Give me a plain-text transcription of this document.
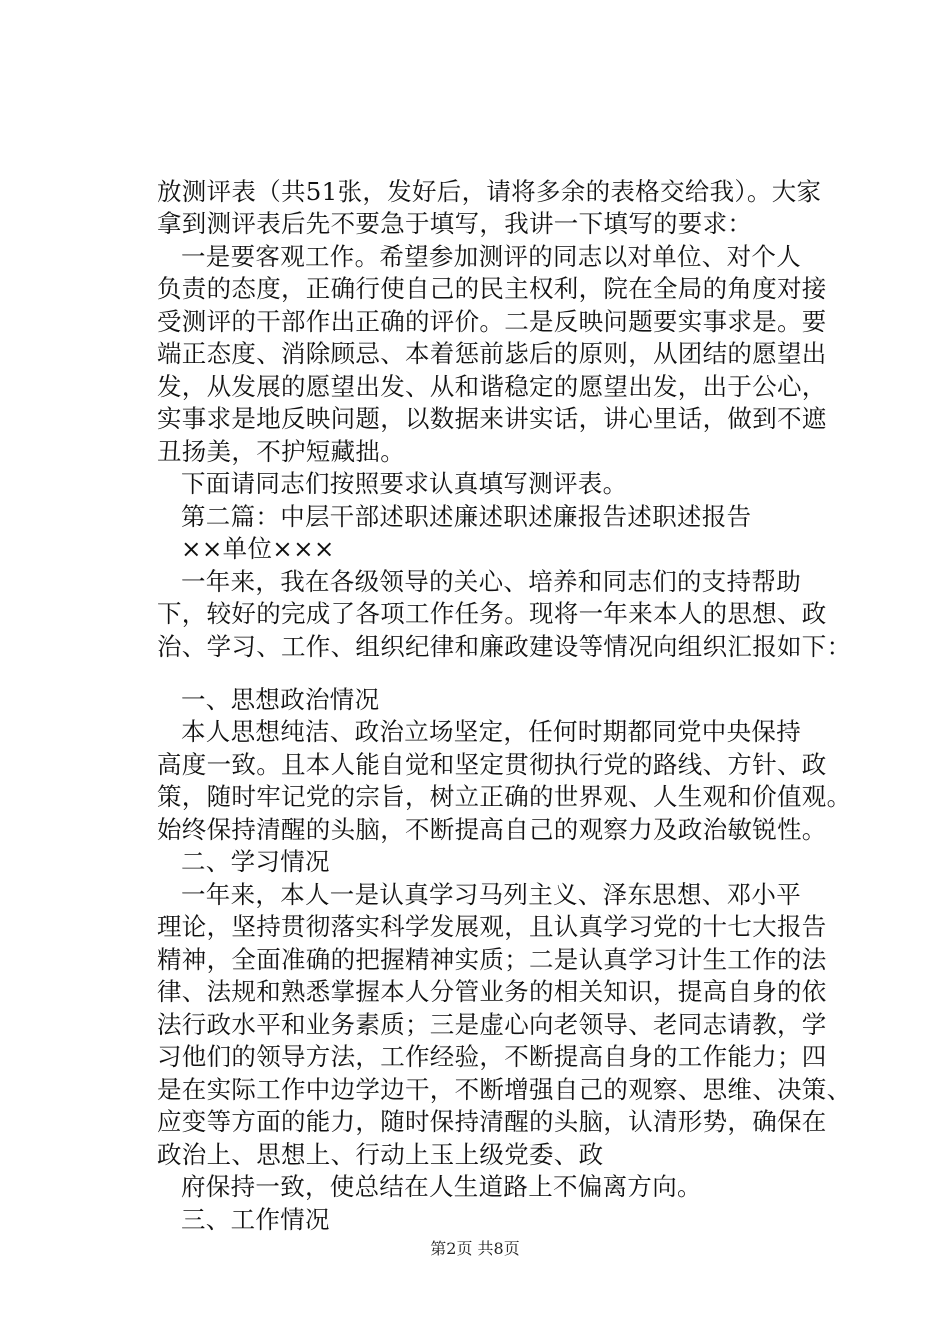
放测评表（共51张，发好后，请将多余的表格交给我）。大家
拿到测评表后先不要急于填写，我讲一下填写的要求：
一是要客观工作。希望参加测评的同志以对单位、对个人
负责的态度，正确行使自己的民主权利，院在全局的角度对接
受测评的干部作出正确的评价。二是反映问题要实事求是。要
端正态度、消除顾忌、本着惩前毖后的原则，从团结的愿望出
发，从发展的愿望出发、从和谐稳定的愿望出发，出于公心，
实事求是地反映问题，以数据来讲实话，讲心里话，做到不遮
丑扬美，不护短藏拙。
下面请同志们按照要求认真填写测评表。
第二篇：中层干部述职述廉述职述廉报告述职述报告
××单位×××
一年来，我在各级领导的关心、培养和同志们的支持帮助
下，较好的完成了各项工作任务。现将一年来本人的思想、政
治、学习、工作、组织纪律和廉政建设等情况向组织汇报如下：
一、思想政治情况
本人思想纯洁、政治立场坚定，任何时期都同党中央保持
高度一致。且本人能自觉和坚定贯彻执行党的路线、方针、政
策，随时牢记党的宗旨，树立正确的世界观、人生观和价值观。
始终保持清醒的头脑，不断提高自己的观察力及政治敏锐性。
二、学习情况
一年来，本人一是认真学习马列主义、泽东思想、邓小平
理论，坚持贯彻落实科学发展观，且认真学习党的十七大报告
精神，全面准确的把握精神实质；二是认真学习计生工作的法
律、法规和熟悉掌握本人分管业务的相关知识，提高自身的依
法行政水平和业务素质；三是虚心向老领导、老同志请教，学
习他们的领导方法，工作经验，不断提高自身的工作能力；四
是在实际工作中边学边干，不断增强自己的观察、思维、决策、
应变等方面的能力，随时保持清醒的头脑，认清形势，确保在
政治上、思想上、行动上玉上级党委、政
府保持一致，使总结在人生道路上不偏离方向。
三、工作情况
第2页 共8页
